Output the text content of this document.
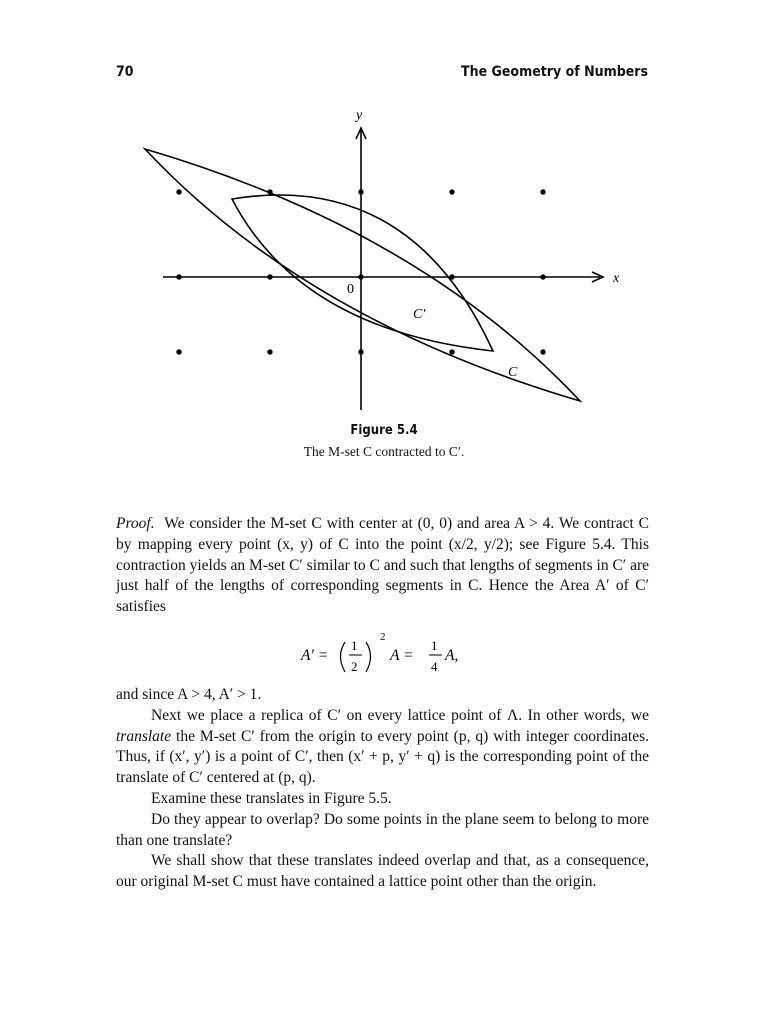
70	The Geometry of Numbers
y
x
0
C′
C
Figure 5.4
The M-set C contracted to C′.

Proof. We consider the M-set C with center at (0, 0) and area A > 4. We contract C by mapping every point (x, y) of C into the point (x/2, y/2); see Figure 5.4. This contraction yields an M-set C′ similar to C and such that lengths of segments in C′ are just half of the lengths of corresponding segments in C. Hence the Area A′ of C′ satisfies

A′ =
1
2
2
A =
1
4
A,

and since A > 4, A′ > 1.

Next we place a replica of C′ on every lattice point of Λ. In other words, we translate the M-set C′ from the origin to every point (p, q) with integer coordinates. Thus, if (x′, y′) is a point of C′, then (x′ + p, y′ + q) is the corresponding point of the translate of C′ centered at (p, q).

Examine these translates in Figure 5.5.

Do they appear to overlap? Do some points in the plane seem to belong to more than one translate?

We shall show that these translates indeed overlap and that, as a consequence, our original M-set C must have contained a lattice point other than the origin.
